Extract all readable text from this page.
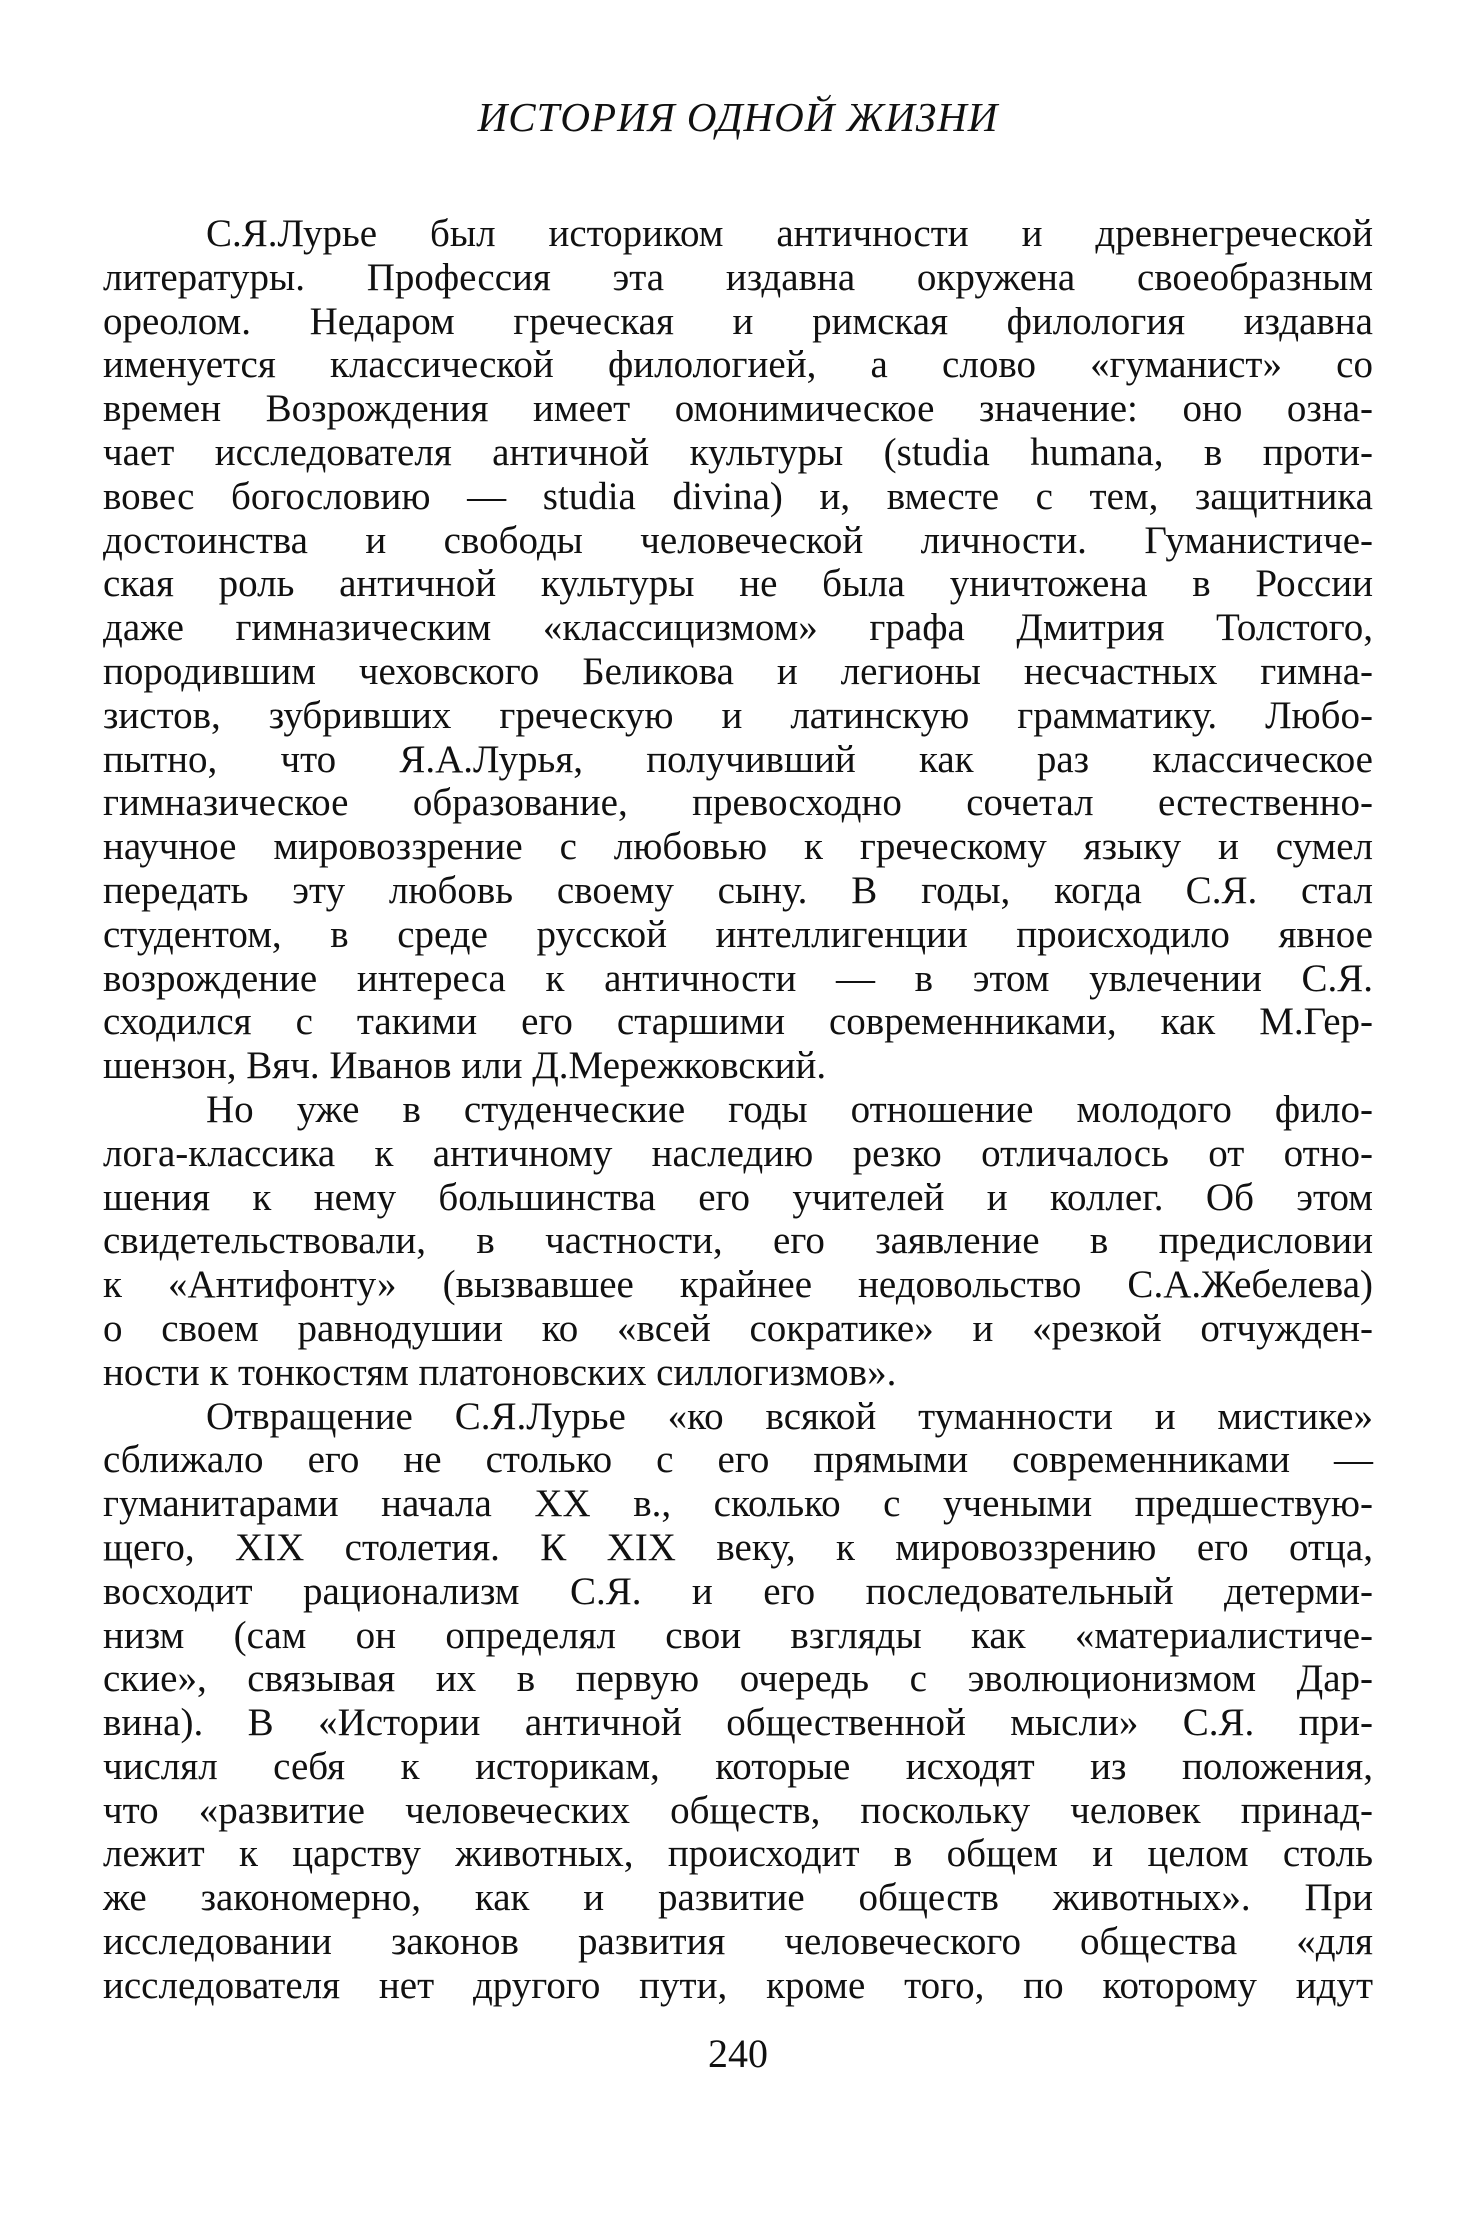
ИСТОРИЯ ОДНОЙ ЖИЗНИ
С.Я.Лурье был историком античности и древнегреческой
литературы. Профессия эта издавна окружена своеобразным
ореолом. Недаром греческая и римская филология издавна
именуется классической филологией, а слово «гуманист» со
времен Возрождения имеет омонимическое значение: оно озна-
чает исследователя античной культуры (studia humana, в проти-
вовес богословию — studia divina) и, вместе с тем, защитника
достоинства и свободы человеческой личности. Гуманистиче-
ская роль античной культуры не была уничтожена в России
даже гимназическим «классицизмом» графа Дмитрия Толстого,
породившим чеховского Беликова и легионы несчастных гимна-
зистов, зубривших греческую и латинскую грамматику. Любо-
пытно, что Я.А.Лурья, получивший как раз классическое
гимназическое образование, превосходно сочетал естественно-
научное мировоззрение с любовью к греческому языку и сумел
передать эту любовь своему сыну. В годы, когда С.Я. стал
студентом, в среде русской интеллигенции происходило явное
возрождение интереса к античности — в этом увлечении С.Я.
сходился с такими его старшими современниками, как М.Гер-
шензон, Вяч. Иванов или Д.Мережковский.
Но уже в студенческие годы отношение молодого фило-
лога-классика к античному наследию резко отличалось от отно-
шения к нему большинства его учителей и коллег. Об этом
свидетельствовали, в частности, его заявление в предисловии
к «Антифонту» (вызвавшее крайнее недовольство С.А.Жебелева)
о своем равнодушии ко «всей сократике» и «резкой отчужден-
ности к тонкостям платоновских силлогизмов».
Отвращение С.Я.Лурье «ко всякой туманности и мистике»
сближало его не столько с его прямыми современниками —
гуманитарами начала XX в., сколько с учеными предшествую-
щего, XIX столетия. К XIX веку, к мировоззрению его отца,
восходит рационализм С.Я. и его последовательный детерми-
низм (сам он определял свои взгляды как «материалистиче-
ские», связывая их в первую очередь с эволюционизмом Дар-
вина). В «Истории античной общественной мысли» С.Я. при-
числял себя к историкам, которые исходят из положения,
что «развитие человеческих обществ, поскольку человек принад-
лежит к царству животных, происходит в общем и целом столь
же закономерно, как и развитие обществ животных». При
исследовании законов развития человеческого общества «для
исследователя нет другого пути, кроме того, по которому идут
240
